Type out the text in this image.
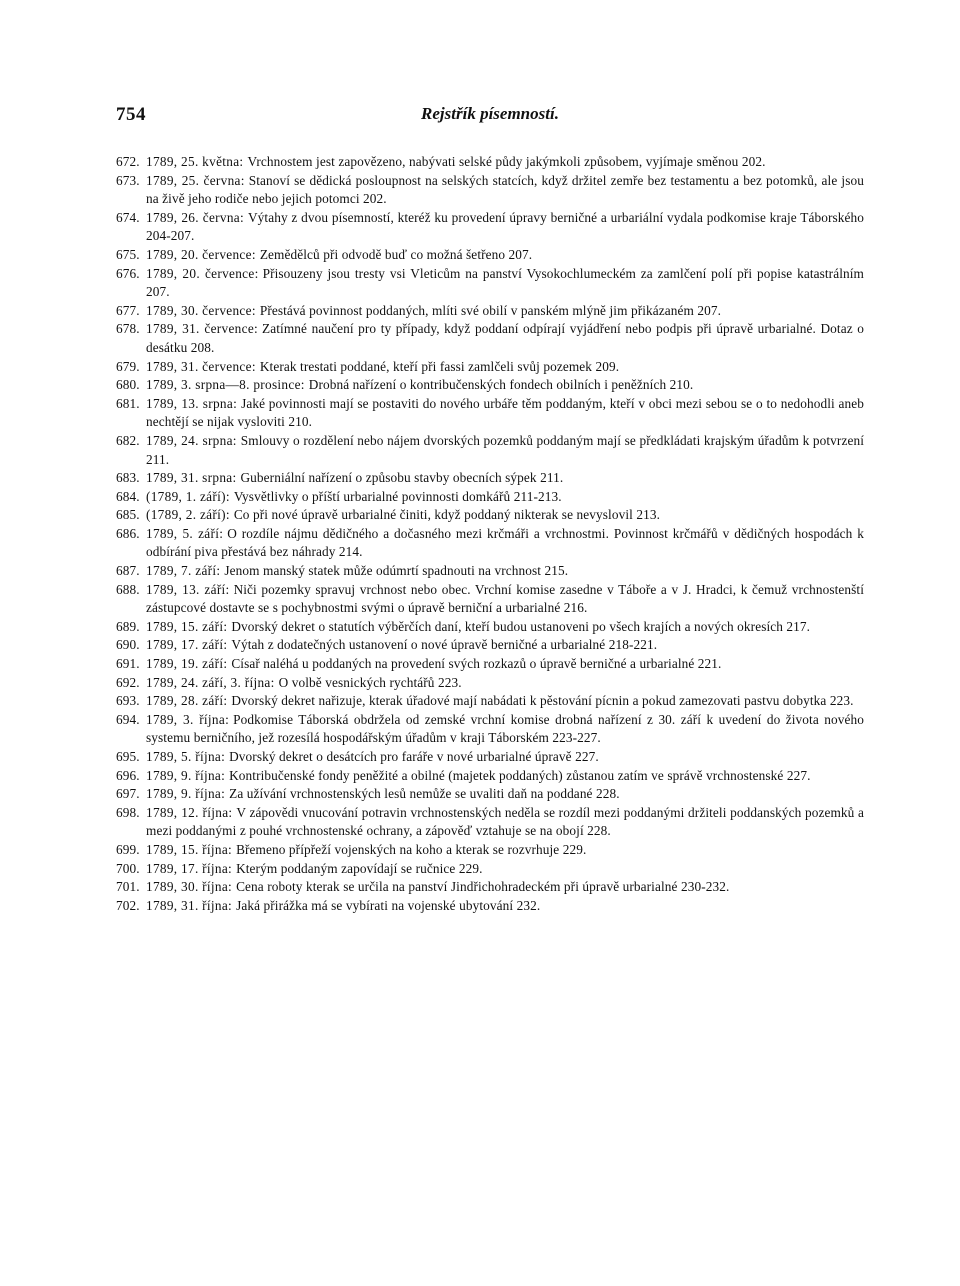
754	Rejstřík písemností.
672. 1789, 25. května: Vrchnostem jest zapovězeno, nabývati selské půdy jakýmkoli způsobem, vyjímaje směnou 202.
673. 1789, 25. června: Stanoví se dědická posloupnost na selských statcích, když držitel zemře bez testamentu a bez potomků, ale jsou na živě jeho rodiče nebo jejich potomci 202.
674. 1789, 26. června: Výtahy z dvou písemností, kteréž ku provedení úpravy berničné a urbariální vydala podkomise kraje Táborského 204-207.
675. 1789, 20. července: Zemědělců při odvodě buď co možná šetřeno 207.
676. 1789, 20. července: Přisouzeny jsou tresty vsi Vleticům na panství Vysokochlumeckém za zamlčení polí při popise katastrálním 207.
677. 1789, 30. července: Přestává povinnost poddaných, mlíti své obilí v panském mlýně jim přikázaném 207.
678. 1789, 31. července: Zatímné naučení pro ty případy, když poddaní odpírají vyjádření nebo podpis při úpravě urbarialné. Dotaz o desátku 208.
679. 1789, 31. července: Kterak trestati poddané, kteří při fassi zamlčeli svůj pozemek 209.
680. 1789, 3. srpna—8. prosince: Drobná nařízení o kontribučenských fondech obilních i peněžních 210.
681. 1789, 13. srpna: Jaké povinnosti mají se postaviti do nového urbáře těm poddaným, kteří v obci mezi sebou se o to nedohodli aneb nechtějí se nijak vysloviti 210.
682. 1789, 24. srpna: Smlouvy o rozdělení nebo nájem dvorských pozemků poddaným mají se předkládati krajským úřadům k potvrzení 211.
683. 1789, 31. srpna: Guberniální nařízení o způsobu stavby obecních sýpek 211.
684. (1789, 1. září): Vysvětlivky o příští urbarialné povinnosti domkářů 211-213.
685. (1789, 2. září): Co při nové úpravě urbarialné činiti, když poddaný nikterak se nevyslovil 213.
686. 1789, 5. září: O rozdíle nájmu dědičného a dočasného mezi krčmáři a vrchnostmi. Povinnost krčmářů v dědičných hospodách k odbírání piva přestává bez náhrady 214.
687. 1789, 7. září: Jenom manský statek může odúmrtí spadnouti na vrchnost 215.
688. 1789, 13. září: Niči pozemky spravuj vrchnost nebo obec. Vrchní komise zasedne v Táboře a v J. Hradci, k čemuž vrchnostenští zástupcové dostavte se s pochybnostmi svými o úpravě berniční a urbarialné 216.
689. 1789, 15. září: Dvorský dekret o statutích výběrčích daní, kteří budou ustanoveni po všech krajích a nových okresích 217.
690. 1789, 17. září: Výtah z dodatečných ustanovení o nové úpravě berničné a urbarialné 218-221.
691. 1789, 19. září: Císař naléhá u poddaných na provedení svých rozkazů o úpravě berničné a urbarialné 221.
692. 1789, 24. září, 3. října: O volbě vesnických rychtářů 223.
693. 1789, 28. září: Dvorský dekret nařizuje, kterak úřadové mají nabádati k pěstování pícnin a pokud zamezovati pastvu dobytka 223.
694. 1789, 3. října: Podkomise Táborská obdržela od zemské vrchní komise drobná nařízení z 30. září k uvedení do života nového systemu berničního, jež rozesílá hospodářským úřadům v kraji Táborském 223-227.
695. 1789, 5. října: Dvorský dekret o desátcích pro faráře v nové urbarialné úpravě 227.
696. 1789, 9. října: Kontribučenské fondy peněžité a obilné (majetek poddaných) zůstanou zatím ve správě vrchnostenské 227.
697. 1789, 9. října: Za užívání vrchnostenských lesů nemůže se uvaliti daň na poddané 228.
698. 1789, 12. října: V zápovědi vnucování potravin vrchnostenských neděla se rozdíl mezi poddanými držiteli poddanských pozemků a mezi poddanými z pouhé vrchnostenské ochrany, a zápověď vztahuje se na obojí 228.
699. 1789, 15. října: Břemeno přípřeží vojenských na koho a kterak se rozvrhuje 229.
700. 1789, 17. října: Kterým poddaným zapovídají se ručnice 229.
701. 1789, 30. října: Cena roboty kterak se určila na panství Jindřichohradeckém při úpravě urbarialné 230-232.
702. 1789, 31. října: Jaká přirážka má se vybírati na vojenské ubytování 232.
